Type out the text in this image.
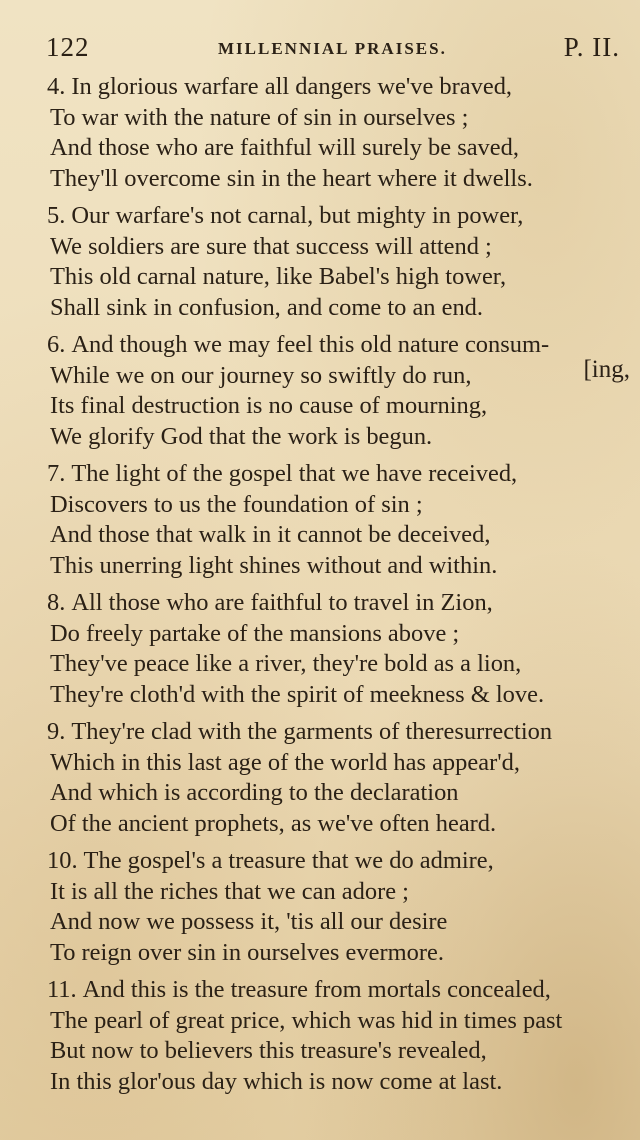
122	MILLENNIAL PRAISES.	P. II.
4. In glorious warfare all dangers we've braved,
To war with the nature of sin in ourselves ;
And those who are faithful will surely be saved,
They'll overcome sin in the heart where it dwells.
5. Our warfare's not carnal, but mighty in power,
We soldiers are sure that success will attend ;
This old carnal nature, like Babel's high tower,
Shall sink in confusion, and come to an end.
6. And though we may feel this old nature consum-
While we on our journey so swiftly do run,
Its final destruction is no cause of mourning,
We glorify God that the work is begun.
7. The light of the gospel that we have received,
Discovers to us the foundation of sin ;
And those that walk in it cannot be deceived,
This unerring light shines without and within.
8. All those who are faithful to travel in Zion,
Do freely partake of the mansions above ;
They've peace like a river, they're bold as a lion,
They're cloth'd with the spirit of meekness & love.
9. They're clad with the garments of theresurrection
Which in this last age of the world has appear'd,
And which is according to the declaration
Of the ancient prophets, as we've often heard.
10. The gospel's a treasure that we do admire,
It is all the riches that we can adore ;
And now we possess it, 'tis all our desire
To reign over sin in ourselves evermore.
11. And this is the treasure from mortals concealed,
The pearl of great price, which was hid in times past
But now to believers this treasure's revealed,
In this glor'ous day which is now come at last.
[ing,
